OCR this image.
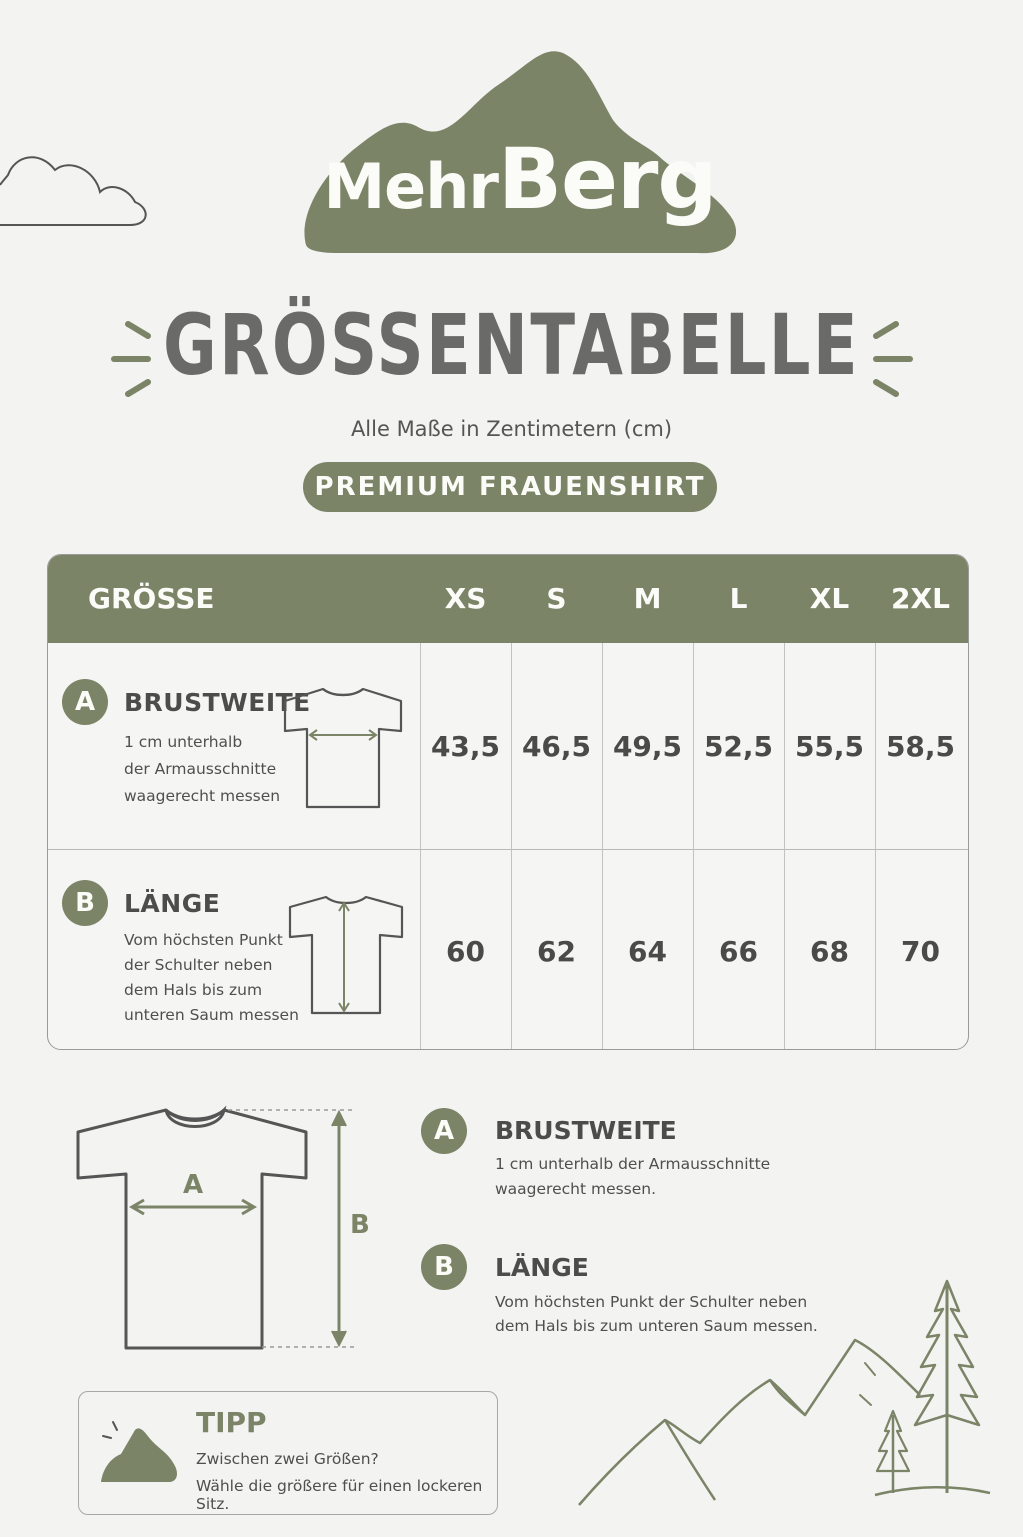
MehrBerg
GRÖSSENTABELLE
Alle Maße in Zentimetern (cm)
PREMIUM FRAUENSHIRT
GRÖSSE	XS	S	M	L	XL	2XL
A	BRUSTWEITE
1 cm unterhalb
der Armausschnitte
waagerecht messen
43,5 46,5 49,5 52,5 55,5 58,5
B	LÄNGE
Vom höchsten Punkt
der Schulter neben
dem Hals bis zum
unteren Saum messen
60	62	64	66	68	70
A
B
A	BRUSTWEITE
1 cm unterhalb der Armausschnitte
waagerecht messen.
B	LÄNGE
Vom höchsten Punkt der Schulter neben
dem Hals bis zum unteren Saum messen.
TIPP
Zwischen zwei Größen?
Wähle die größere für einen lockeren Sitz.
